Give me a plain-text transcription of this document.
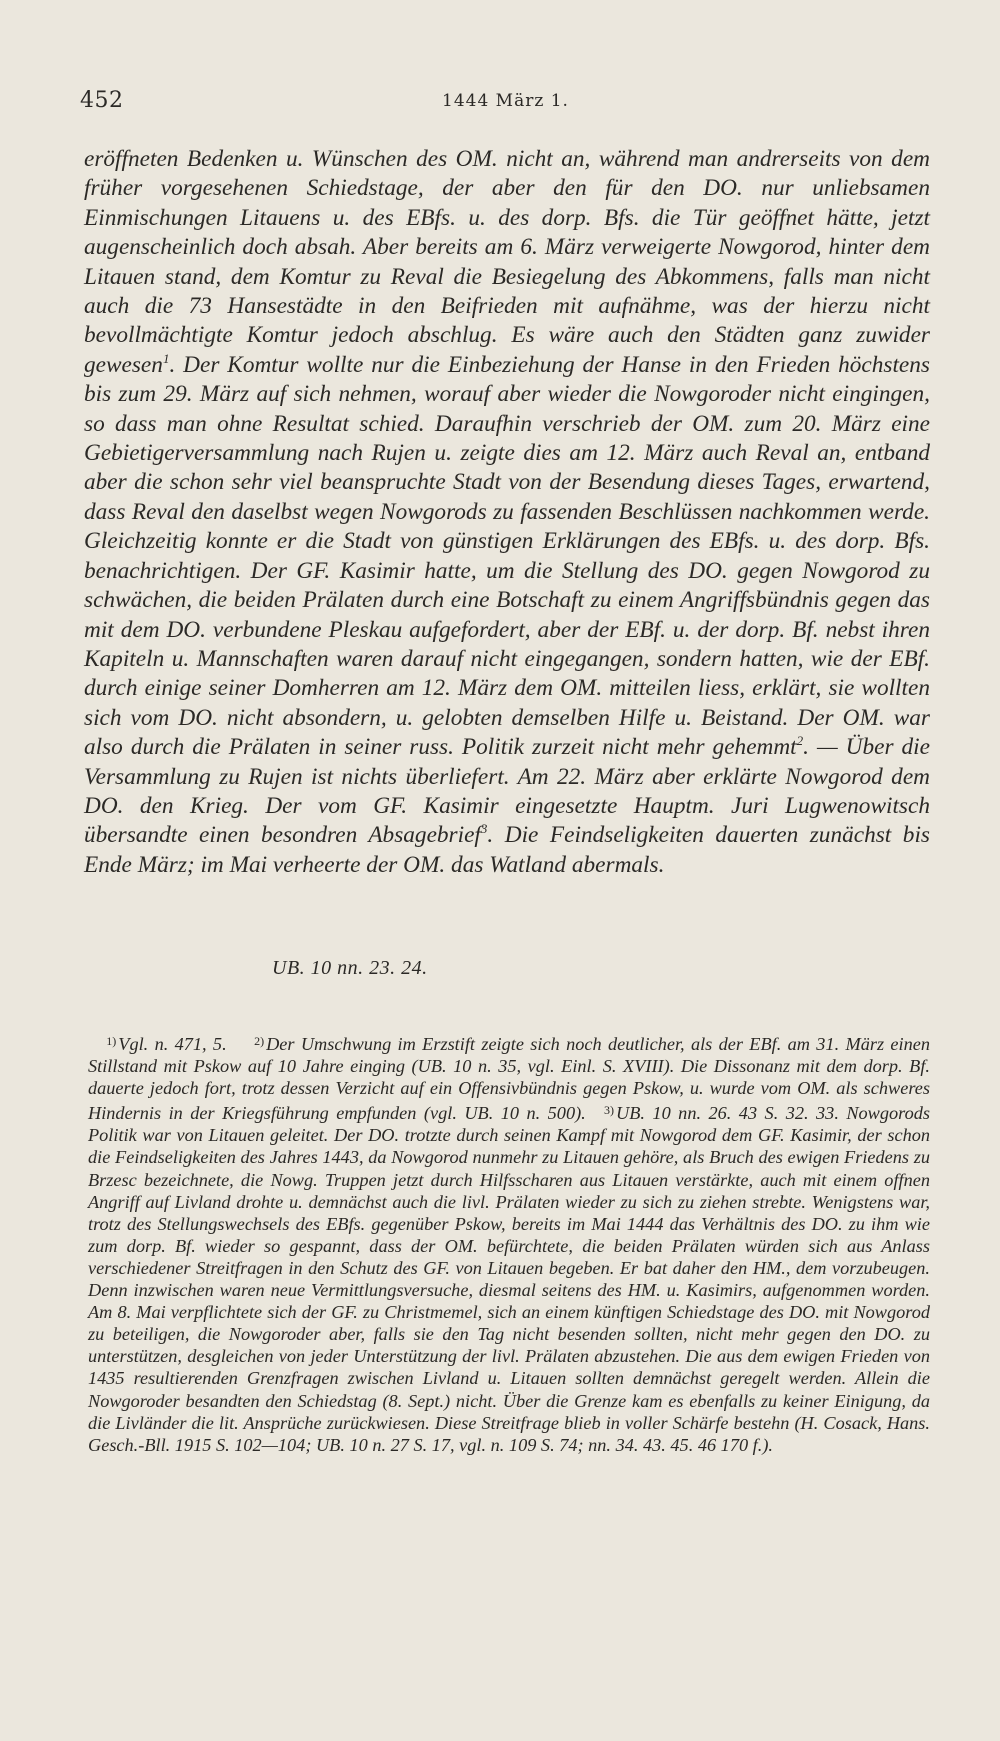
452	1444 März 1.

eröffneten Bedenken u. Wünschen des OM. nicht an, während man andrerseits von dem früher vorgesehenen Schiedstage, der aber den für den DO. nur unliebsamen Einmischungen Litauens u. des EBfs. u. des dorp. Bfs. die Tür geöffnet hätte, jetzt augenscheinlich doch absah. Aber bereits am 6. März verweigerte Nowgorod, hinter dem Litauen stand, dem Komtur zu Reval die Besiegelung des Abkommens, falls man nicht auch die 73 Hansestädte in den Beifrieden mit aufnähme, was der hierzu nicht bevollmächtigte Komtur jedoch abschlug. Es wäre auch den Städten ganz zuwider gewesen$^1$. Der Komtur wollte nur die Einbeziehung der Hanse in den Frieden höchstens bis zum 29. März auf sich nehmen, worauf aber wieder die Nowgoroder nicht eingingen, so dass man ohne Resultat schied. Daraufhin verschrieb der OM. zum 20. März eine Gebietigerversammlung nach Rujen u. zeigte dies am 12. März auch Reval an, entband aber die schon sehr viel beanspruchte Stadt von der Besendung dieses Tages, erwartend, dass Reval den daselbst wegen Nowgorods zu fassenden Beschlüssen nachkommen werde. Gleichzeitig konnte er die Stadt von günstigen Erklärungen des EBfs. u. des dorp. Bfs. benachrichtigen. Der GF. Kasimir hatte, um die Stellung des DO. gegen Nowgorod zu schwächen, die beiden Prälaten durch eine Botschaft zu einem Angriffsbündnis gegen das mit dem DO. verbundene Pleskau aufgefordert, aber der EBf. u. der dorp. Bf. nebst ihren Kapiteln u. Mannschaften waren darauf nicht eingegangen, sondern hatten, wie der EBf. durch einige seiner Domherren am 12. März dem OM. mitteilen liess, erklärt, sie wollten sich vom DO. nicht absondern, u. gelobten demselben Hilfe u. Beistand. Der OM. war also durch die Prälaten in seiner russ. Politik zurzeit nicht mehr gehemmt$^2$. — Über die Versammlung zu Rujen ist nichts überliefert. Am 22. März aber erklärte Nowgorod dem DO. den Krieg. Der vom GF. Kasimir eingesetzte Hauptm. Juri Lugwenowitsch übersandte einen besondren Absagebrief$^3$. Die Feindseligkeiten dauerten zunächst bis Ende März; im Mai verheerte der OM. das Watland abermals.

UB. 10 nn. 23. 24.

 $^{1)}$ Vgl. n. 471, 5.   $^{2)}$ Der Umschwung im Erzstift zeigte sich noch deutlicher, als der EBf. am 31. März einen Stillstand mit Pskow auf 10 Jahre einging (UB. 10 n. 35, vgl. Einl. S. XVIII). Die Dissonanz mit dem dorp. Bf. dauerte jedoch fort, trotz dessen Verzicht auf ein Offensivbündnis gegen Pskow, u. wurde vom OM. als schweres Hindernis in der Kriegsführung empfunden (vgl. UB. 10 n. 500).  $^{3)}$ UB. 10 nn. 26. 43 S. 32. 33. Nowgorods Politik war von Litauen geleitet. Der DO. trotzte durch seinen Kampf mit Nowgorod dem GF. Kasimir, der schon die Feindseligkeiten des Jahres 1443, da Nowgorod nunmehr zu Litauen gehöre, als Bruch des ewigen Friedens zu Brzesc bezeichnete, die Nowg. Truppen jetzt durch Hilfsscharen aus Litauen verstärkte, auch mit einem offnen Angriff auf Livland drohte u. demnächst auch die livl. Prälaten wieder zu sich zu ziehen strebte. Wenigstens war, trotz des Stellungswechsels des EBfs. gegenüber Pskow, bereits im Mai 1444 das Verhältnis des DO. zu ihm wie zum dorp. Bf. wieder so gespannt, dass der OM. befürchtete, die beiden Prälaten würden sich aus Anlass verschiedener Streitfragen in den Schutz des GF. von Litauen begeben. Er bat daher den HM., dem vorzubeugen. Denn inzwischen waren neue Vermittlungsversuche, diesmal seitens des HM. u. Kasimirs, aufgenommen worden. Am 8. Mai verpflichtete sich der GF. zu Christmemel, sich an einem künftigen Schiedstage des DO. mit Nowgorod zu beteiligen, die Nowgoroder aber, falls sie den Tag nicht besenden sollten, nicht mehr gegen den DO. zu unterstützen, desgleichen von jeder Unterstützung der livl. Prälaten abzustehen. Die aus dem ewigen Frieden von 1435 resultierenden Grenzfragen zwischen Livland u. Litauen sollten demnächst geregelt werden. Allein die Nowgoroder besandten den Schiedstag (8. Sept.) nicht. Über die Grenze kam es ebenfalls zu keiner Einigung, da die Livländer die lit. Ansprüche zurückwiesen. Diese Streitfrage blieb in voller Schärfe bestehn (H. Cosack, Hans. Gesch.-Bll. 1915 S. 102—104; UB. 10 n. 27 S. 17, vgl. n. 109 S. 74; nn. 34. 43. 45. 46 170 f.).
